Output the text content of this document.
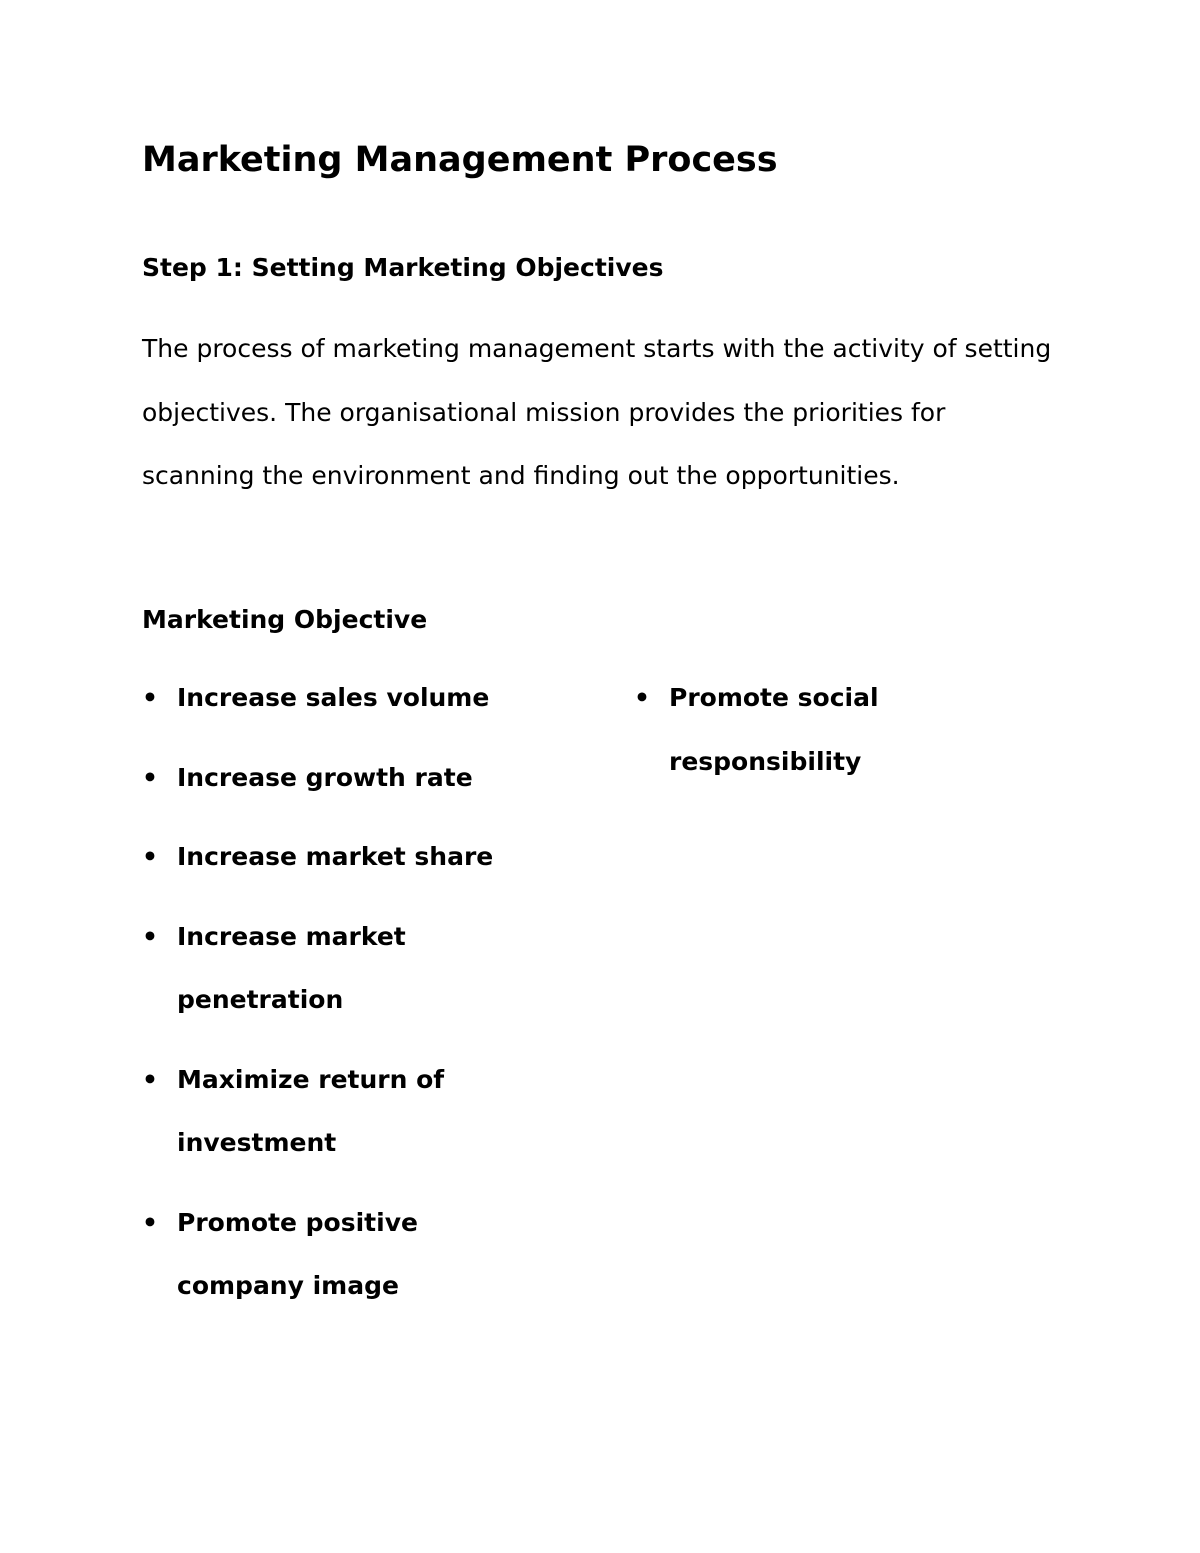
Marketing Management Process
Step 1: Setting Marketing Objectives

The process of marketing management starts with the activity of setting objectives. The organisational mission provides the priorities for scanning the environment and finding out the opportunities.

Marketing Objective
• Increase sales volume
• Increase growth rate
• Increase market share
• Increase market penetration
• Maximize return of investment
• Promote positive company image
• Promote social responsibility
